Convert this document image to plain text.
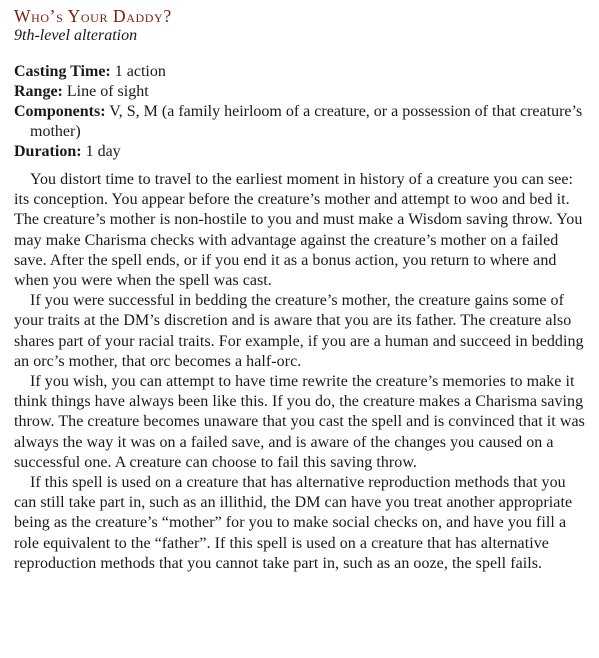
Who’s Your Daddy?

9th-level alteration

Casting Time: 1 action

Range: Line of sight

Components: V, S, M (a family heirloom of a creature, or a possession of that creature’s mother)

Duration: 1 day

You distort time to travel to the earliest moment in history of a creature you can see: its conception. You appear before the creature’s mother and attempt to woo and bed it. The creature’s mother is non-hostile to you and must make a Wisdom saving throw. You may make Charisma checks with advantage against the creature’s mother on a failed save. After the spell ends, or if you end it as a bonus action, you return to where and when you were when the spell was cast.

If you were successful in bedding the creature’s mother, the creature gains some of your traits at the DM’s discretion and is aware that you are its father. The creature also shares part of your racial traits. For example, if you are a human and succeed in bedding an orc’s mother, that orc becomes a half-orc.

If you wish, you can attempt to have time rewrite the creature’s memories to make it think things have always been like this. If you do, the creature makes a Charisma saving throw. The creature becomes unaware that you cast the spell and is convinced that it was always the way it was on a failed save, and is aware of the changes you caused on a successful one. A creature can choose to fail this saving throw.

If this spell is used on a creature that has alternative reproduction methods that you can still take part in, such as an illithid, the DM can have you treat another appropriate being as the creature’s “mother” for you to make social checks on, and have you fill a role equivalent to the “father”. If this spell is used on a creature that has alternative reproduction methods that you cannot take part in, such as an ooze, the spell fails.
